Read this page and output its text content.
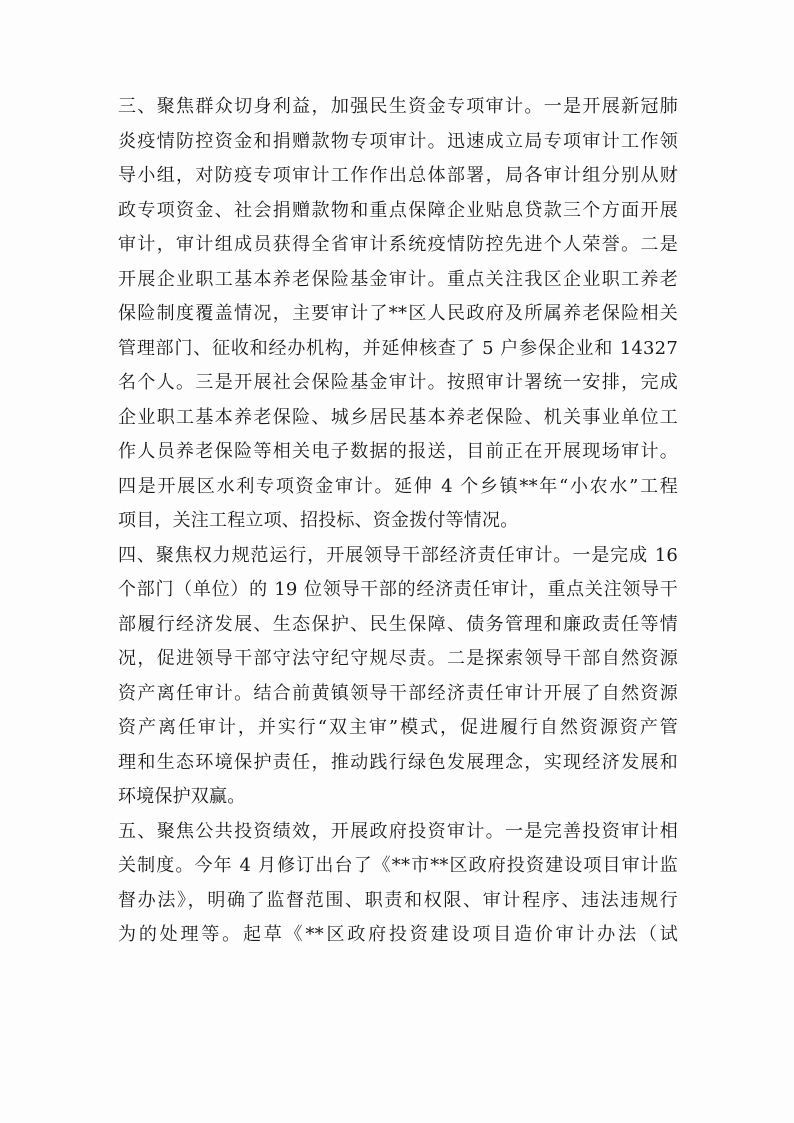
三、聚焦群众切身利益，加强民生资金专项审计。一是开展新冠肺
炎疫情防控资金和捐赠款物专项审计。迅速成立局专项审计工作领
导小组，对防疫专项审计工作作出总体部署，局各审计组分别从财
政专项资金、社会捐赠款物和重点保障企业贴息贷款三个方面开展
审计，审计组成员获得全省审计系统疫情防控先进个人荣誉。二是
开展企业职工基本养老保险基金审计。重点关注我区企业职工养老
保险制度覆盖情况，主要审计了**区人民政府及所属养老保险相关
管理部门、征收和经办机构，并延伸核查了 5 户参保企业和 14327
名个人。三是开展社会保险基金审计。按照审计署统一安排，完成
企业职工基本养老保险、城乡居民基本养老保险、机关事业单位工
作人员养老保险等相关电子数据的报送，目前正在开展现场审计。
四是开展区水利专项资金审计。延伸 4 个乡镇**年“小农水”工程
项目，关注工程立项、招投标、资金拨付等情况。
四、聚焦权力规范运行，开展领导干部经济责任审计。一是完成 16
个部门（单位）的 19 位领导干部的经济责任审计，重点关注领导干
部履行经济发展、生态保护、民生保障、债务管理和廉政责任等情
况，促进领导干部守法守纪守规尽责。二是探索领导干部自然资源
资产离任审计。结合前黄镇领导干部经济责任审计开展了自然资源
资产离任审计，并实行“双主审”模式，促进履行自然资源资产管
理和生态环境保护责任，推动践行绿色发展理念，实现经济发展和
环境保护双赢。
五、聚焦公共投资绩效，开展政府投资审计。一是完善投资审计相
关制度。今年 4 月修订出台了《**市**区政府投资建设项目审计监
督办法》，明确了监督范围、职责和权限、审计程序、违法违规行
为的处理等。起草《**区政府投资建设项目造价审计办法（试
